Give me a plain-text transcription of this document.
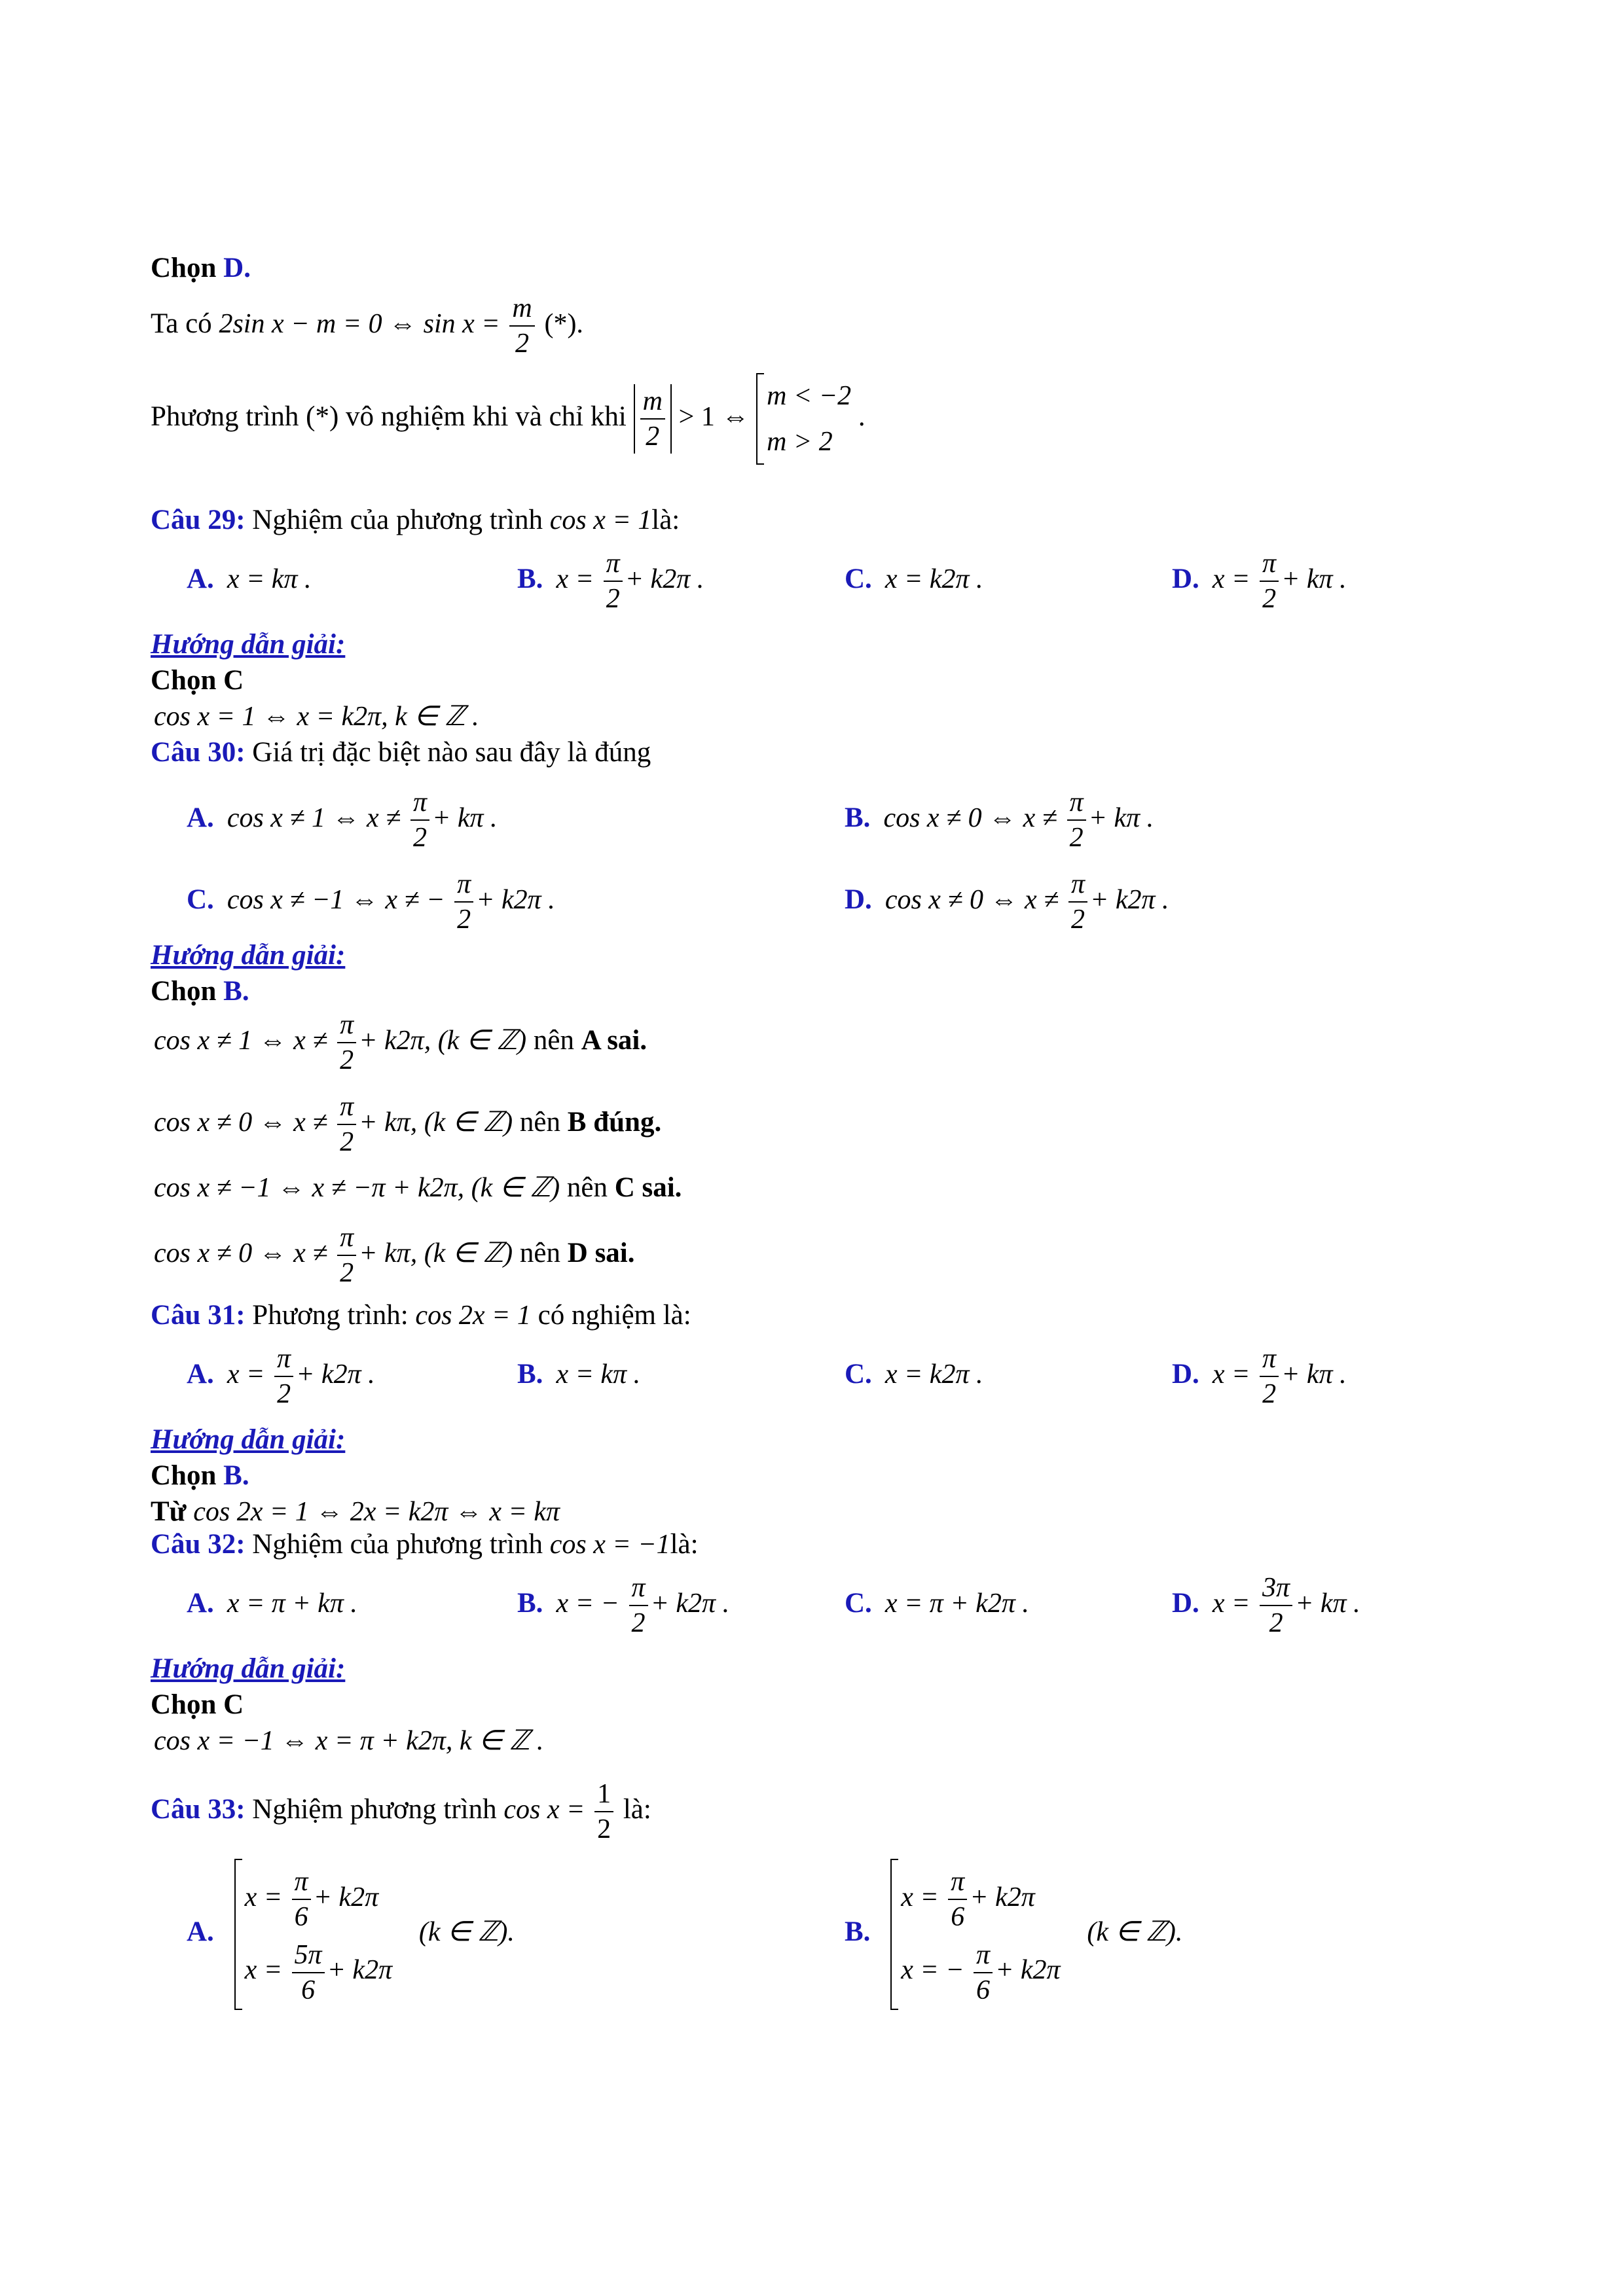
Chọn D.
Ta có 2sin x − m = 0 ⇔ $\sin x = \frac{m}{2}$ (*).
Phương trình (*) vô nghiệm khi và chỉ khi $\frac{m}{2} > 1$ ⇔
m < −2
m > 2
.
Câu 29: Nghiệm của phương trình cos x = 1là:
A. x = kπ .	B. $x = \frac{\pi}{2} + k2\pi$ .	C. x = k2π .	D. $x = \frac{\pi}{2} + k\pi$ .
Hướng dẫn giải:
Chọn C
cos x = 1 ⇔ x = k2π, k ∈ ℤ .
Câu 30: Giá trị đặc biệt nào sau đây là đúng
A. cos x ≠ 1 ⇔ $x \ne \frac{\pi}{2} + k\pi$ .	B. cos x ≠ 0 ⇔ $x \ne \frac{\pi}{2} + k\pi$ .
C. cos x ≠ −1 ⇔ x ≠ − $\frac{\pi}{2} + k2\pi$ .	D. cos x ≠ 0 ⇔ $x \ne \frac{\pi}{2} + k2\pi$ .
Hướng dẫn giải:
Chọn B.
cos x ≠ 1 ⇔ $x \ne \frac{\pi}{2} + k2\pi$, (k ∈ ℤ) nên A sai.
cos x ≠ 0 ⇔ $x \ne \frac{\pi}{2} + k\pi$, (k ∈ ℤ) nên B đúng.
cos x ≠ −1 ⇔ x ≠ −π + k2π, (k ∈ ℤ) nên C sai.
cos x ≠ 0 ⇔ $x \ne \frac{\pi}{2} + k\pi$, (k ∈ ℤ) nên D sai.
Câu 31: Phương trình: cos 2x = 1 có nghiệm là:
A. $x = \frac{\pi}{2} + k2\pi$ .	B. x = kπ .	C. x = k2π .	D. $x = \frac{\pi}{2} + k\pi$ .
Hướng dẫn giải:
Chọn B.
Từ cos 2x = 1 ⇔ 2x = k2π ⇔ x = kπ
Câu 32: Nghiệm của phương trình cos x = −1là:
A. x = π + kπ .	B. x = − $\frac{\pi}{2} + k2\pi$ .	C. x = π + k2π .	D. $x = \frac{3\pi}{2} + k\pi$ .
Hướng dẫn giải:
Chọn C
cos x = −1 ⇔ x = π + k2π, k ∈ ℤ .
Câu 33: Nghiệm phương trình $\cos x = \frac{1}{2}$ là:
A.
$x = \frac{\pi}{6} + k2\pi$
$x = \frac{5\pi}{6} + k2\pi$
(k ∈ ℤ).	B.
$x = \frac{\pi}{6} + k2\pi$
x = − $\frac{\pi}{6} + k2\pi$
(k ∈ ℤ).
